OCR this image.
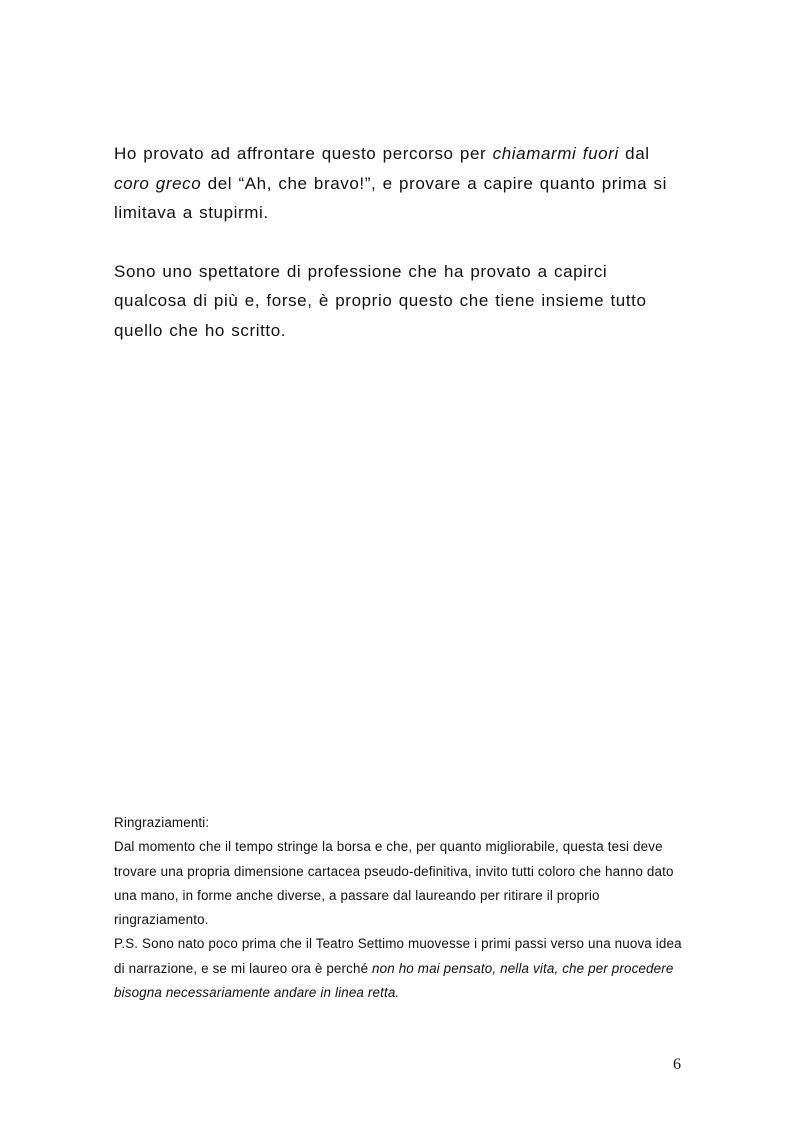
Ho provato ad affrontare questo percorso per chiamarmi fuori dal coro greco del “Ah, che bravo!”, e provare a capire quanto prima si limitava a stupirmi.

Sono uno spettatore di professione che ha provato a capirci qualcosa di più e, forse, è proprio questo che tiene insieme tutto quello che ho scritto.

Ringraziamenti:

Dal momento che il tempo stringe la borsa e che, per quanto migliorabile, questa tesi deve trovare una propria dimensione cartacea pseudo-definitiva, invito tutti coloro che hanno dato una mano, in forme anche diverse, a passare dal laureando per ritirare il proprio ringraziamento.

P.S. Sono nato poco prima che il Teatro Settimo muovesse i primi passi verso una nuova idea di narrazione, e se mi laureo ora è perché non ho mai pensato, nella vita, che per procedere bisogna necessariamente andare in linea retta.

6
